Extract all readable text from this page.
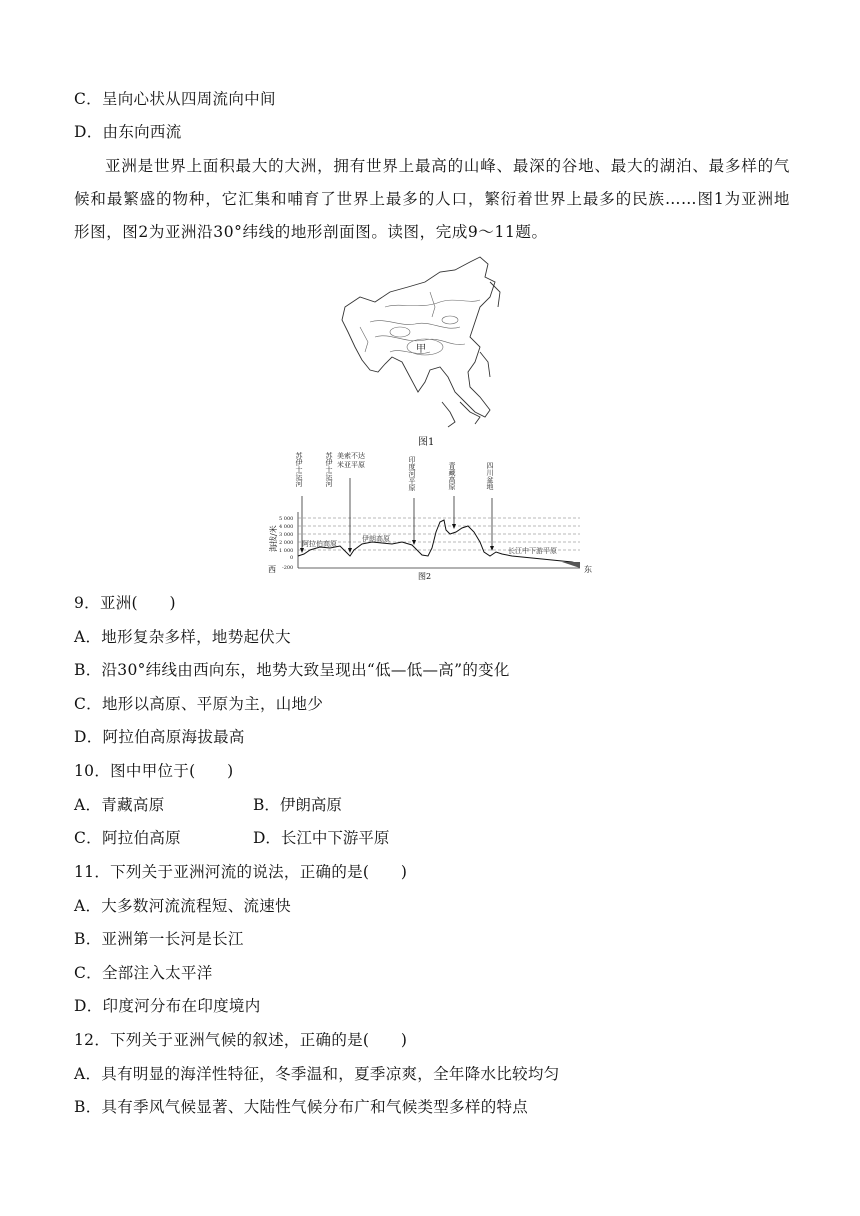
C．呈向心状从四周流向中间
D．由东向西流
亚洲是世界上面积最大的大洲，拥有世界上最高的山峰、最深的谷地、最大的湖泊、最多样的气候和最繁盛的物种，它汇集和哺育了世界上最多的人口，繁衍着世界上最多的民族……图1为亚洲地形图，图2为亚洲沿30°纬线的地形剖面图。读图，完成9～11题。
甲
图1
海拔/米
5 000
4 000
3 000
2 000
1 000
0
-200
阿拉伯高原
伊朗高原
长江中下游平原
苏伊士运河
苏伊士运河	美索不达米亚平原	印度河平原	青藏高原	四川盆地
西	东
图2
9．亚洲(　　)
A．地形复杂多样，地势起伏大
B．沿30°纬线由西向东，地势大致呈现出“低—低—高”的变化
C．地形以高原、平原为主，山地少
D．阿拉伯高原海拔最高
10．图中甲位于(　　)
A．青藏高原	B．伊朗高原
C．阿拉伯高原	D．长江中下游平原
11．下列关于亚洲河流的说法，正确的是(　　)
A．大多数河流流程短、流速快
B．亚洲第一长河是长江
C．全部注入太平洋
D．印度河分布在印度境内
12．下列关于亚洲气候的叙述，正确的是(　　)
A．具有明显的海洋性特征，冬季温和，夏季凉爽，全年降水比较均匀
B．具有季风气候显著、大陆性气候分布广和气候类型多样的特点
